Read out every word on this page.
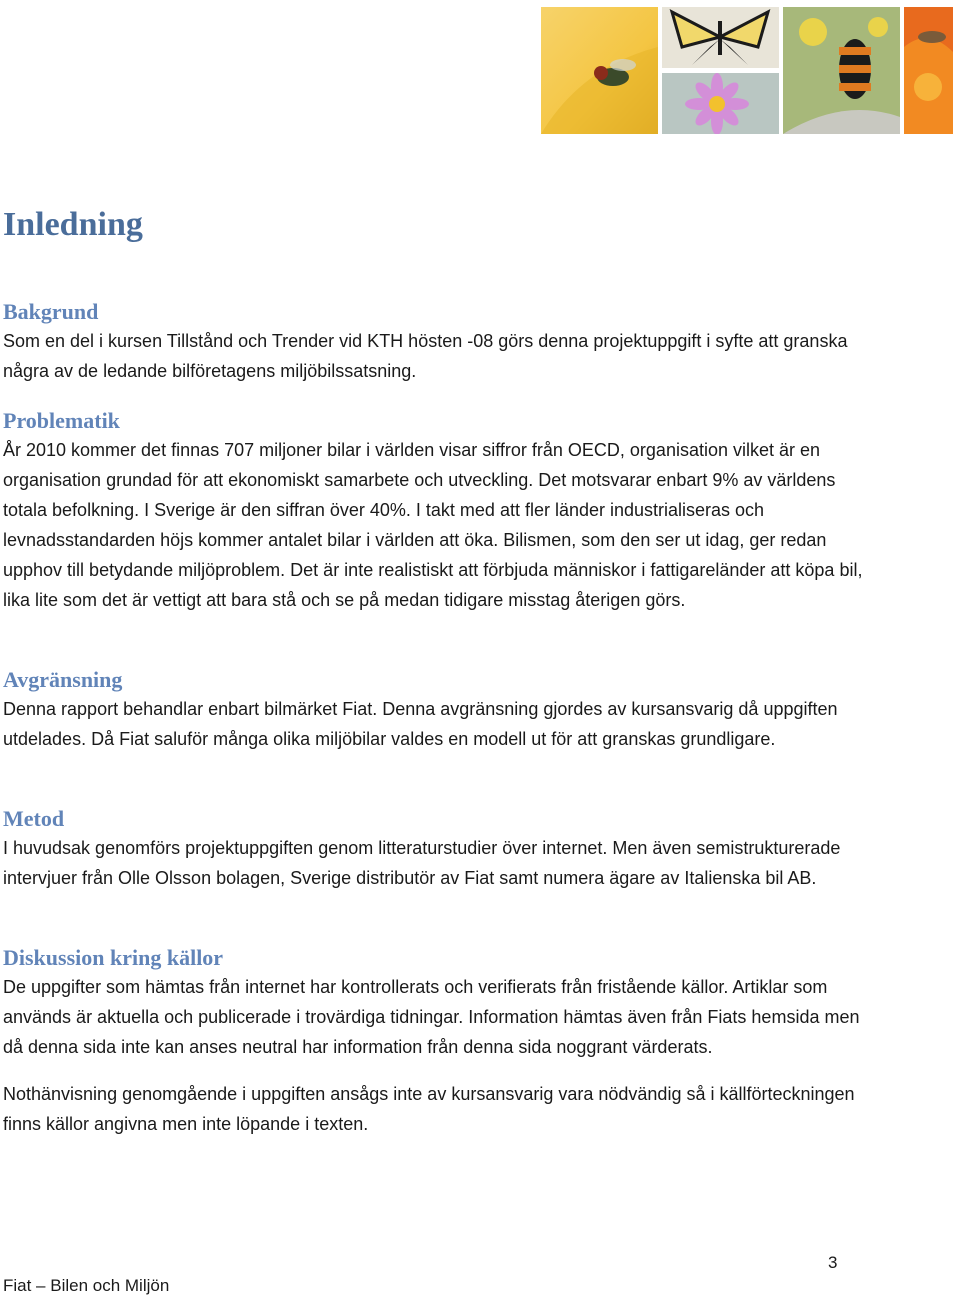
Inledning
Bakgrund

Som en del i kursen Tillstånd och Trender vid KTH hösten -08 görs denna projektuppgift i syfte att granska några av de ledande bilföretagens miljöbilssatsning.

Problematik

År 2010 kommer det finnas 707 miljoner bilar i världen visar siffror från OECD, organisation vilket är en organisation grundad för att ekonomiskt samarbete och utveckling. Det motsvarar enbart 9% av världens totala befolkning. I Sverige är den siffran över 40%. I takt med att fler länder industrialiseras och levnadsstandarden höjs kommer antalet bilar i världen att öka. Bilismen, som den ser ut idag, ger redan upphov till betydande miljöproblem. Det är inte realistiskt att förbjuda människor i fattigareländer att köpa bil, lika lite som det är vettigt att bara stå och se på medan tidigare misstag återigen görs.

Avgränsning

Denna rapport behandlar enbart bilmärket Fiat. Denna avgränsning gjordes av kursansvarig då uppgiften utdelades. Då Fiat saluför många olika miljöbilar valdes en modell ut för att granskas grundligare.

Metod

I huvudsak genomförs projektuppgiften genom litteraturstudier över internet. Men även semistrukturerade intervjuer från Olle Olsson bolagen, Sverige distributör av Fiat samt numera ägare av Italienska bil AB.

Diskussion kring källor

De uppgifter som hämtas från internet har kontrollerats och verifierats från fristående källor. Artiklar som används är aktuella och publicerade i trovärdiga tidningar. Information hämtas även från Fiats hemsida men då denna sida inte kan anses neutral har information från denna sida noggrant värderats.

Nothänvisning genomgående i uppgiften ansågs inte av kursansvarig vara nödvändig så i källförteckningen finns källor angivna men inte löpande i texten.

3
Fiat – Bilen och Miljön
